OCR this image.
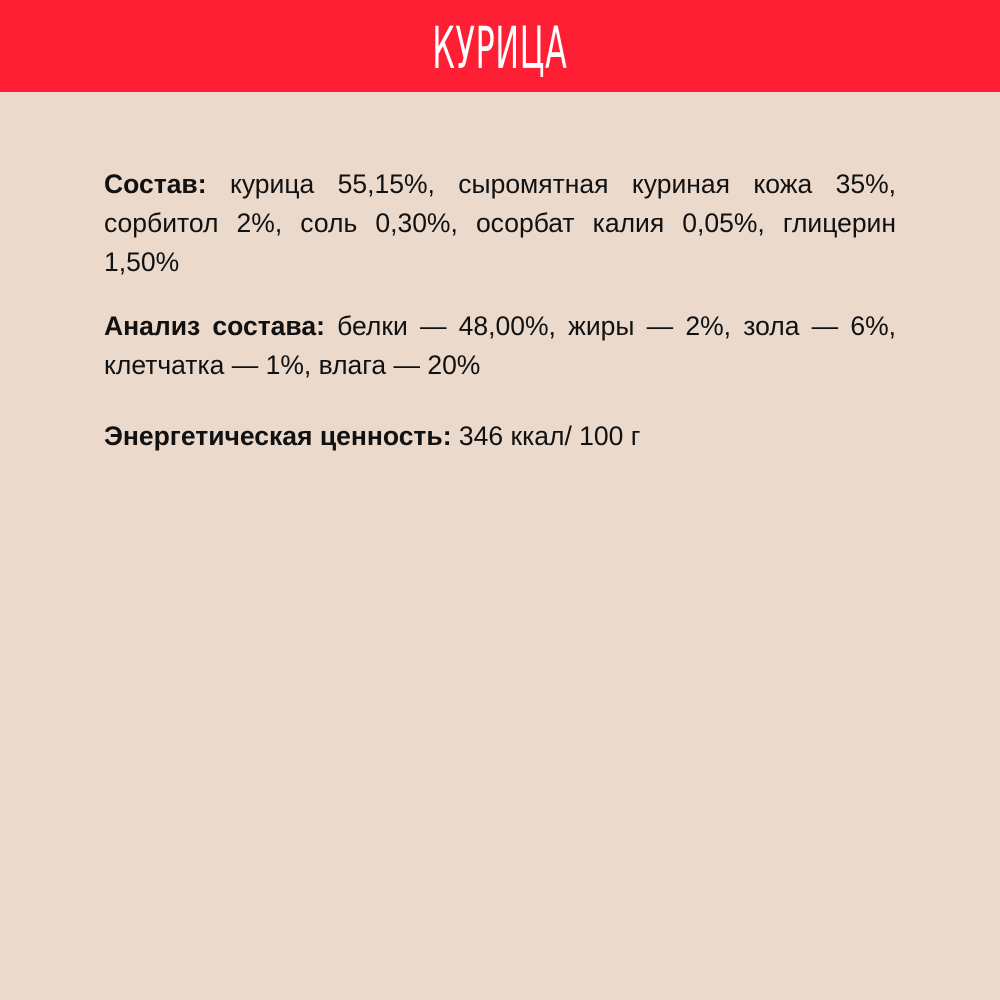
КУРИЦА

Состав: курица 55,15%, сыромятная куриная кожа 35%, сорбитол 2%, соль 0,30%, осорбат калия 0,05%, глицерин 1,50%

Анализ состава: белки — 48,00%, жиры — 2%, зола — 6%, клетчатка — 1%, влага — 20%

Энергетическая ценность: 346 ккал/ 100 г
